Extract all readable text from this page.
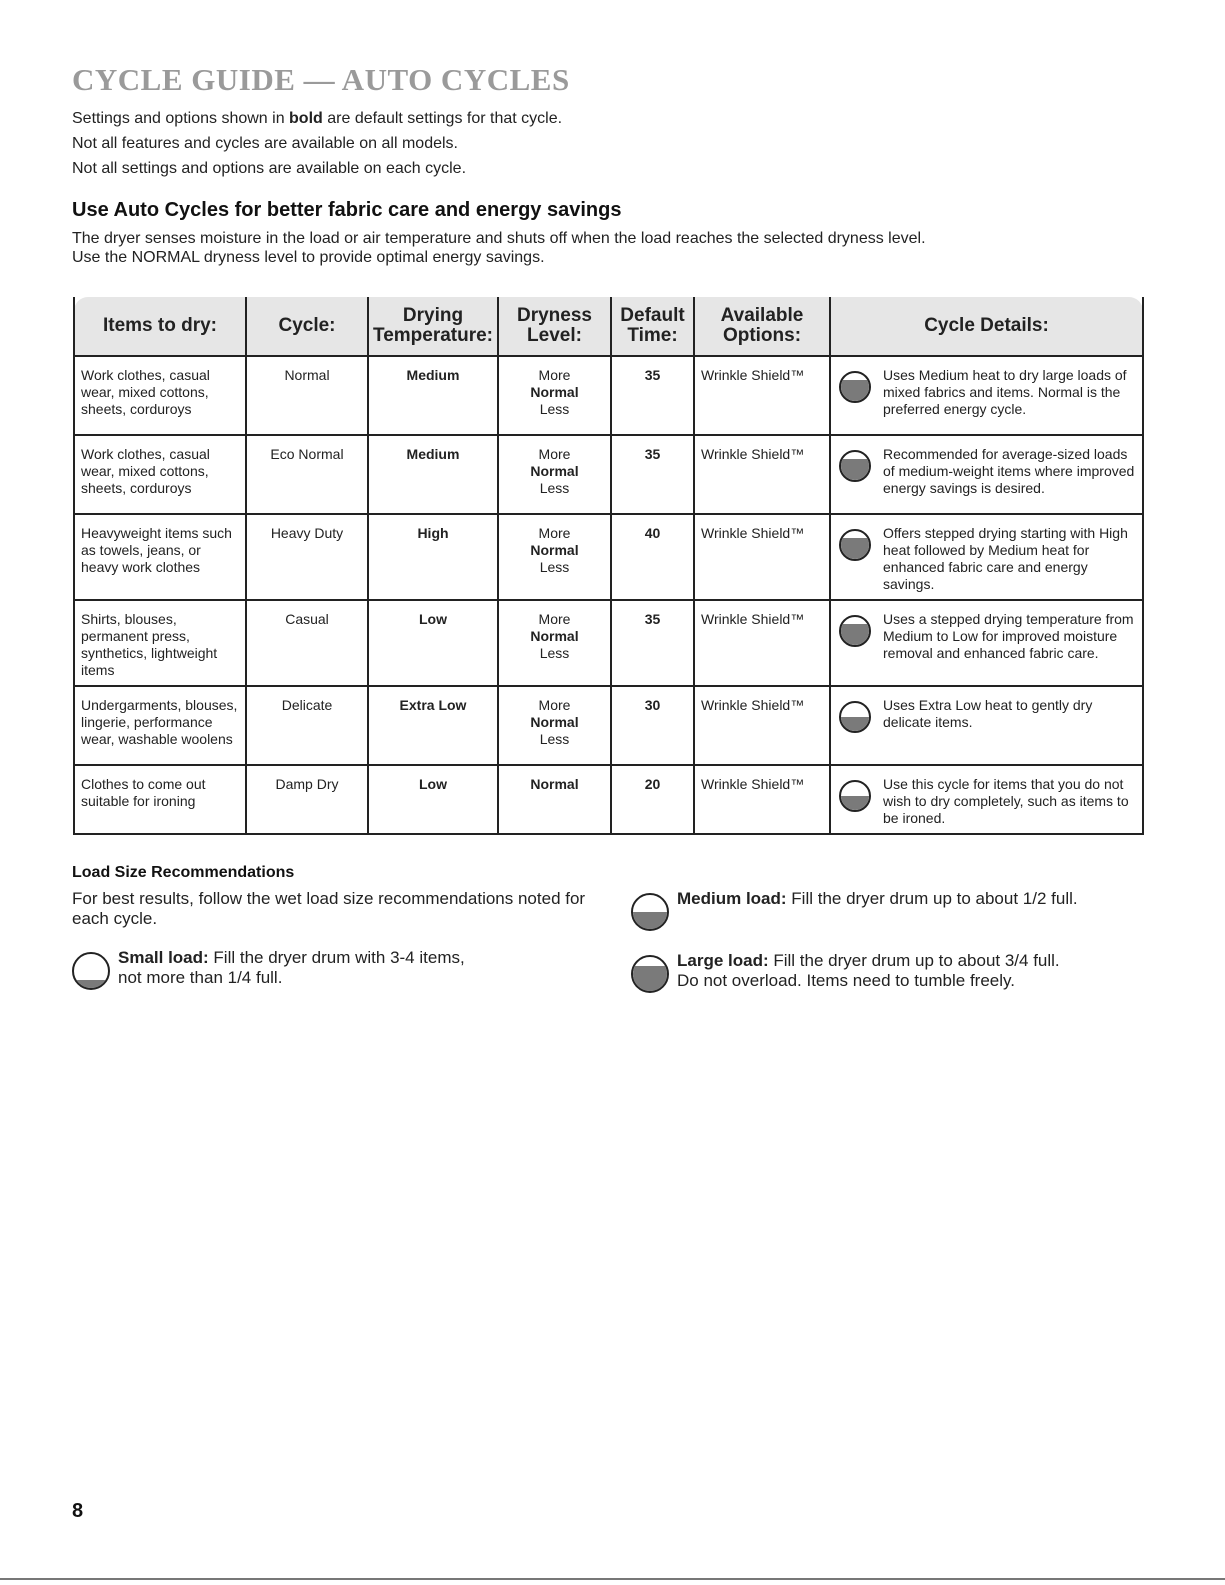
CYCLE GUIDE — AUTO CYCLES

Settings and options shown in bold are default settings for that cycle.

Not all features and cycles are available on all models.

Not all settings and options are available on each cycle.

Use Auto Cycles for better fabric care and energy savings

The dryer senses moisture in the load or air temperature and shuts off when the load reaches the selected dryness level.

Use the NORMAL dryness level to provide optimal energy savings.

Items to dry:	Cycle:	Drying Temperature:	Dryness Level:	Default Time:	Available Options:	Cycle Details:
Work clothes, casual wear, mixed cottons, sheets, corduroys	Normal	Medium	More
Normal
Less	35	Wrinkle Shield™	Uses Medium heat to dry large loads of mixed fabrics and items. Normal is the preferred energy cycle.
Work clothes, casual wear, mixed cottons, sheets, corduroys	Eco Normal	Medium	More
Normal
Less	35	Wrinkle Shield™	Recommended for average-sized loads of medium-weight items where improved energy savings is desired.
Heavyweight items such as towels, jeans, or heavy work clothes	Heavy Duty	High	More
Normal
Less	40	Wrinkle Shield™	Offers stepped drying starting with High heat followed by Medium heat for enhanced fabric care and energy savings.
Shirts, blouses, permanent press, synthetics, lightweight items	Casual	Low	More
Normal
Less	35	Wrinkle Shield™	Uses a stepped drying temperature from Medium to Low for improved moisture removal and enhanced fabric care.
Undergarments, blouses, lingerie, performance wear, washable woolens	Delicate	Extra Low	More
Normal
Less	30	Wrinkle Shield™	Uses Extra Low heat to gently dry delicate items.
Clothes to come out suitable for ironing	Damp Dry	Low	Normal	20	Wrinkle Shield™	Use this cycle for items that you do not wish to dry completely, such as items to be ironed.
Load Size Recommendations

For best results, follow the wet load size recommendations noted for each cycle.

Small load: Fill the dryer drum with 3-4 items,
not more than 1/4 full.
Medium load: Fill the dryer drum up to about 1/2 full.
Large load: Fill the dryer drum up to about 3/4 full.
Do not overload. Items need to tumble freely.
8
